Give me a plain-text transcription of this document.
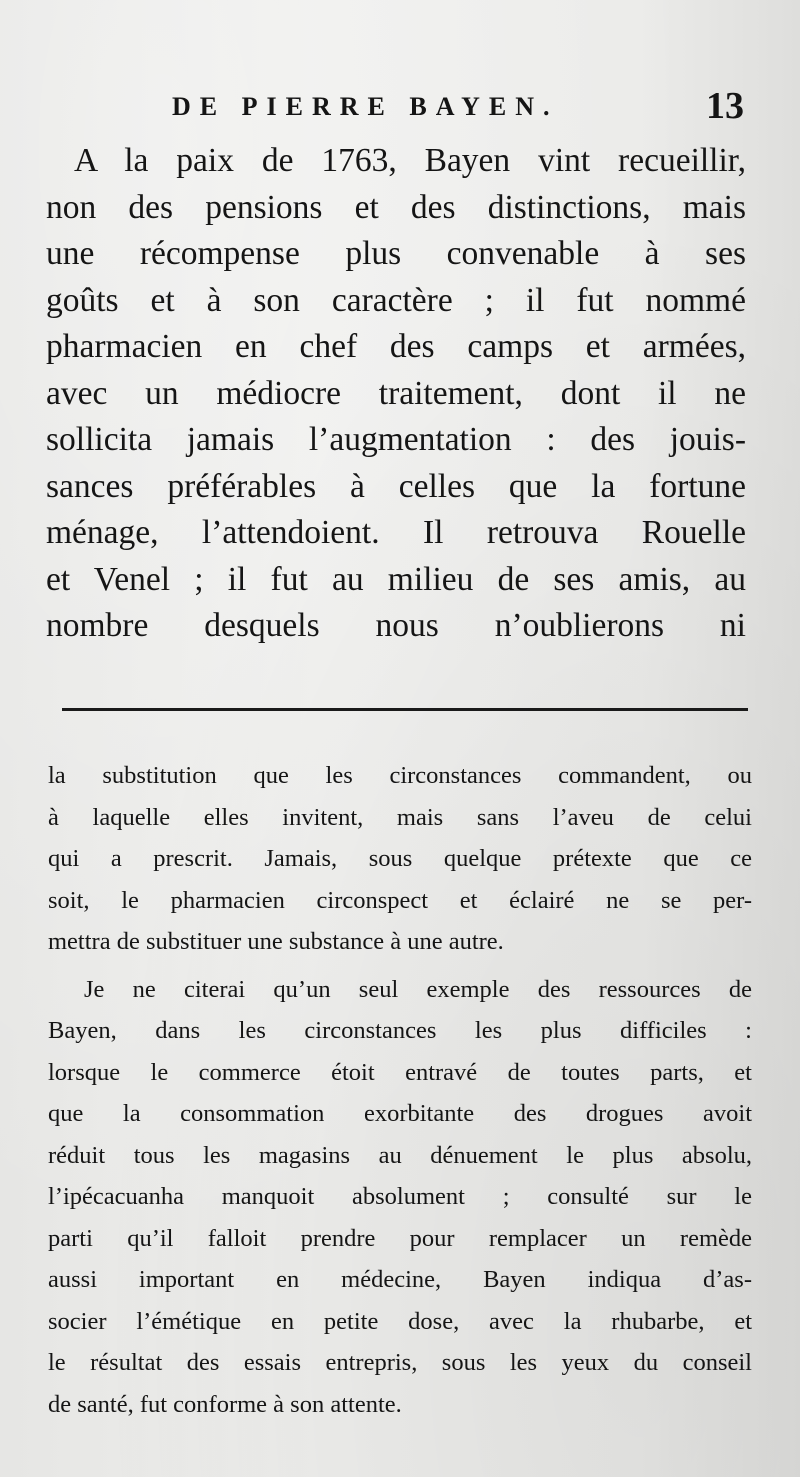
DE PIERRE BAYEN.	13
A la paix de 1763, Bayen vint recueillir,
non des pensions et des distinctions, mais
une récompense plus convenable à ses
goûts et à son caractère ; il fut nommé
pharmacien en chef des camps et armées,
avec un médiocre traitement, dont il ne
sollicita jamais l’augmentation : des jouis-
sances préférables à celles que la fortune
ménage, l’attendoient. Il retrouva Rouelle
et Venel ; il fut au milieu de ses amis, au
nombre desquels nous n’oublierons ni
la substitution que les circonstances commandent, ou
à laquelle elles invitent, mais sans l’aveu de celui
qui a prescrit. Jamais, sous quelque prétexte que ce
soit, le pharmacien circonspect et éclairé ne se per-
mettra de substituer une substance à une autre.
Je ne citerai qu’un seul exemple des ressources de
Bayen, dans les circonstances les plus difficiles :
lorsque le commerce étoit entravé de toutes parts, et
que la consommation exorbitante des drogues avoit
réduit tous les magasins au dénuement le plus absolu,
l’ipécacuanha manquoit absolument ; consulté sur le
parti qu’il falloit prendre pour remplacer un remède
aussi important en médecine, Bayen indiqua d’as-
socier l’émétique en petite dose, avec la rhubarbe, et
le résultat des essais entrepris, sous les yeux du conseil
de santé, fut conforme à son attente.
